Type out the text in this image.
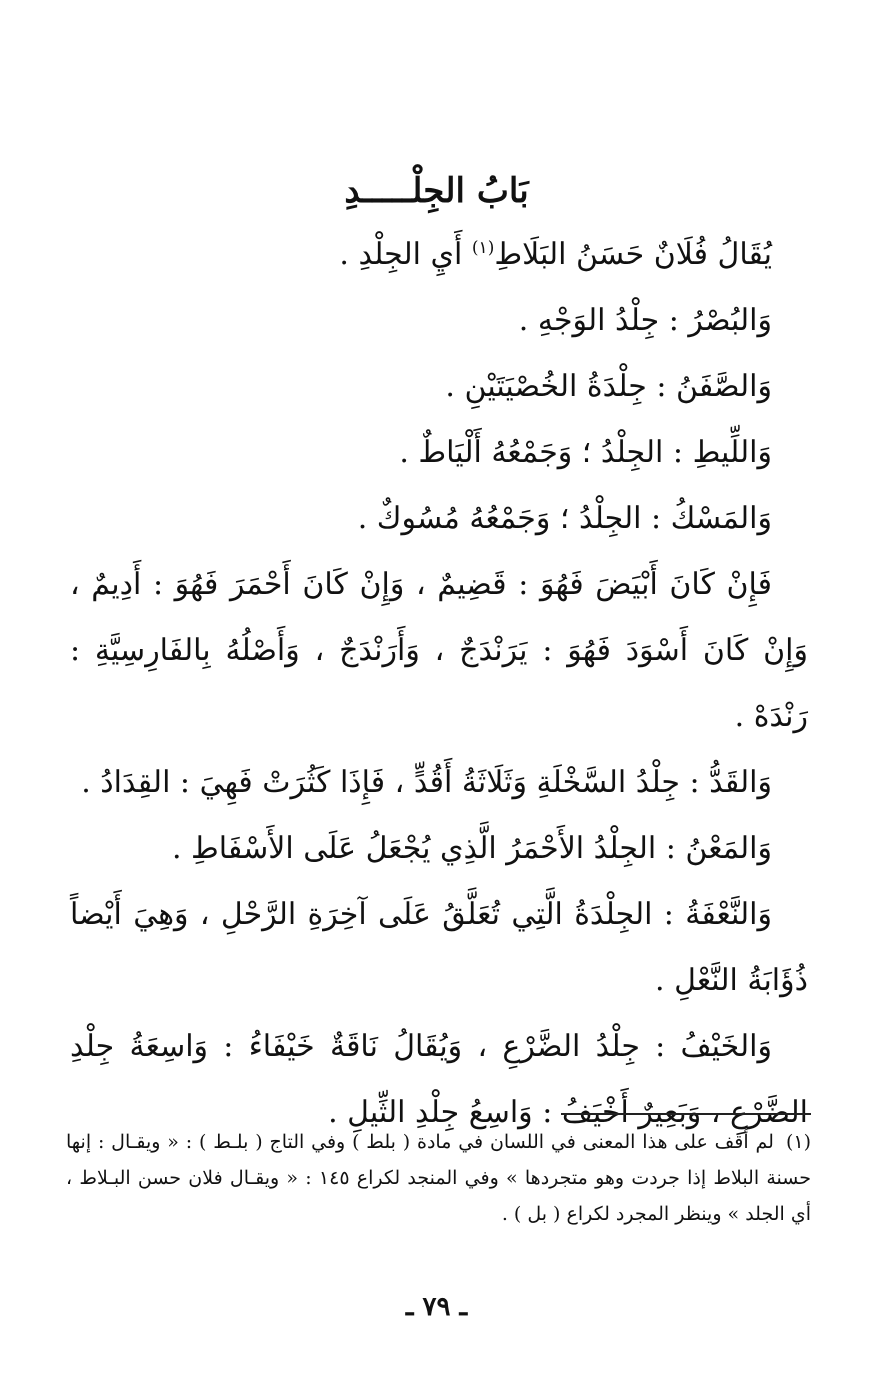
بَابُ الجِلْـــــدِ

يُقَالُ فُلَانٌ حَسَنُ البَلَاطِ$^{(١)}$ أَيِ الجِلْدِ .

وَالبُصْرُ : جِلْدُ الوَجْهِ .

وَالصَّفَنُ : جِلْدَةُ الخُصْيَتَيْنِ .

وَاللِّيطِ : الجِلْدُ ؛ وَجَمْعُهُ أَلْيَاطٌ .

وَالمَسْكُ : الجِلْدُ ؛ وَجَمْعُهُ مُسُوكٌ .

فَإِنْ كَانَ أَبْيَضَ فَهُوَ : قَضِيمٌ ، وَإِنْ كَانَ أَحْمَرَ فَهُوَ : أَدِيمٌ ، وَإِنْ كَانَ أَسْوَدَ فَهُوَ : يَرَنْدَجٌ ، وَأَرَنْدَجٌ ، وَأَصْلُهُ بِالفَارِسِيَّةِ : رَنْدَهْ .

وَالقَدُّ : جِلْدُ السَّخْلَةِ وَثَلَاثَةُ أَقُدٍّ ، فَإِذَا كَثُرَتْ فَهِيَ : القِدَادُ .

وَالمَعْنُ : الجِلْدُ الأَحْمَرُ الَّذِي يُجْعَلُ عَلَى الأَسْفَاطِ .

وَالنَّعْفَةُ : الجِلْدَةُ الَّتِي تُعَلَّقُ عَلَى آخِرَةِ الرَّحْلِ ، وَهِيَ أَيْضاً ذُؤَابَةُ النَّعْلِ .

وَالخَيْفُ : جِلْدُ الضَّرْعِ ، وَيُقَالُ نَاقَةٌ خَيْفَاءُ : وَاسِعَةُ جِلْدِ الضَّرْعِ ، وَبَعِيرٌ أَخْيَفُ : وَاسِعُ جِلْدِ الثِّيلِ .

(١)لم أقف على هذا المعنى في اللسان في مادة ( بلط ) وفي التاج ( بلـط ) : « ويقـال : إنها حسنة البلاط إذا جردت وهو متجردها » وفي المنجد لكراع ١٤٥ : « ويقـال فلان حسن البـلاط ، أي الجلد » وينظر المجرد لكراع ( بل ) .
ـ ٧٩ ـ
